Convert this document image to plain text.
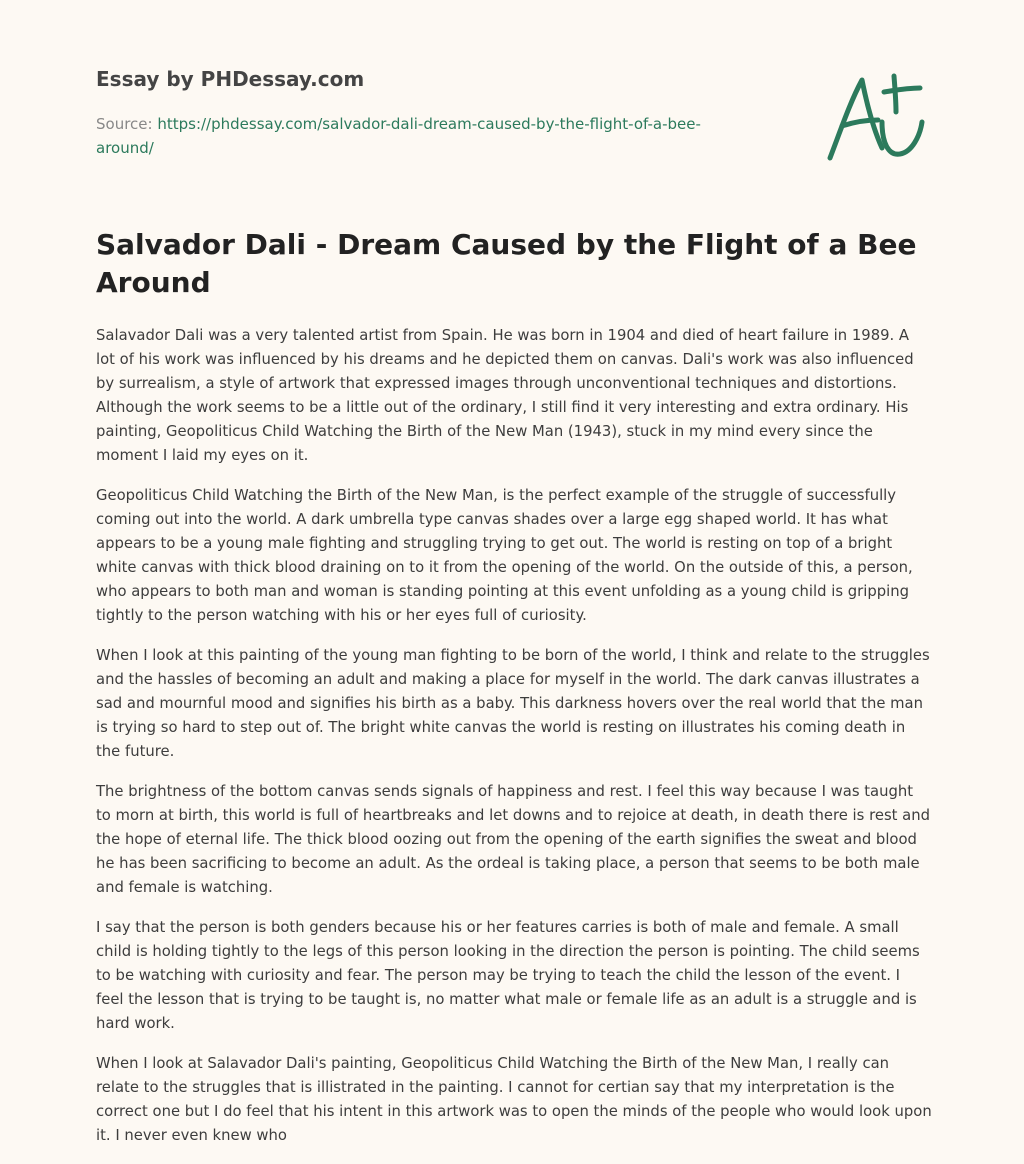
Essay by PHDessay.com
Source: https://phdessay.com/salvador-dali-dream-caused-by-the-flight-of-a-bee-around/
Salvador Dali - Dream Caused by the Flight of a Bee Around

Salavador Dali was a very talented artist from Spain. He was born in 1904 and died of heart failure in 1989. A lot of his work was influenced by his dreams and he depicted them on canvas. Dali's work was also influenced by surrealism, a style of artwork that expressed images through unconventional techniques and distortions. Although the work seems to be a little out of the ordinary, I still find it very interesting and extra ordinary. His painting, Geopoliticus Child Watching the Birth of the New Man (1943), stuck in my mind every since the moment I laid my eyes on it.

Geopoliticus Child Watching the Birth of the New Man, is the perfect example of the struggle of successfully coming out into the world. A dark umbrella type canvas shades over a large egg shaped world. It has what appears to be a young male fighting and struggling trying to get out. The world is resting on top of a bright white canvas with thick blood draining on to it from the opening of the world. On the outside of this, a person, who appears to both man and woman is standing pointing at this event unfolding as a young child is gripping tightly to the person watching with his or her eyes full of curiosity.

When I look at this painting of the young man fighting to be born of the world, I think and relate to the struggles and the hassles of becoming an adult and making a place for myself in the world. The dark canvas illustrates a sad and mournful mood and signifies his birth as a baby. This darkness hovers over the real world that the man is trying so hard to step out of. The bright white canvas the world is resting on illustrates his coming death in the future.

The brightness of the bottom canvas sends signals of happiness and rest. I feel this way because I was taught to morn at birth, this world is full of heartbreaks and let downs and to rejoice at death, in death there is rest and the hope of eternal life. The thick blood oozing out from the opening of the earth signifies the sweat and blood he has been sacrificing to become an adult. As the ordeal is taking place, a person that seems to be both male and female is watching.

I say that the person is both genders because his or her features carries is both of male and female. A small child is holding tightly to the legs of this person looking in the direction the person is pointing. The child seems to be watching with curiosity and fear. The person may be trying to teach the child the lesson of the event. I feel the lesson that is trying to be taught is, no matter what male or female life as an adult is a struggle and is hard work.

When I look at Salavador Dali's painting, Geopoliticus Child Watching the Birth of the New Man, I really can relate to the struggles that is illistrated in the painting. I cannot for certian say that my interpretation is the correct one but I do feel that his intent in this artwork was to open the minds of the people who would look upon it. I never even knew who
